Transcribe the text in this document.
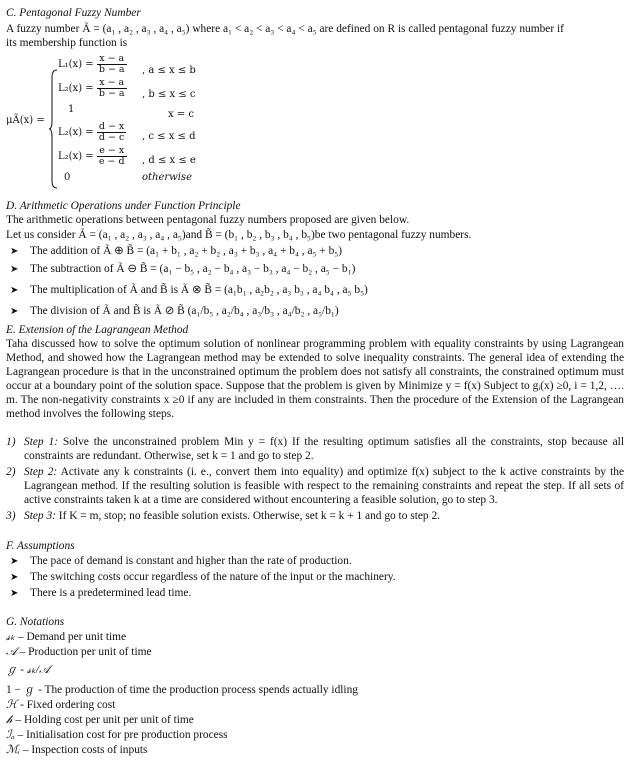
C. Pentagonal Fuzzy Number
A fuzzy number Ã = (a₁ , a₂ , a₃ , a₄ , a₅) where a₁ < a₂ < a₃ < a₄ < a₅ are defined on R is called pentagonal fuzzy number if
its membership function is
μÃ(x) =
$L_1(x) = \frac{x - a}{b - a}$ , a ≤ x ≤ b
$L_2(x) = \frac{x - a}{b - a}$ , b ≤ x ≤ c
1	x = c
$L_2(x) = \frac{d - x}{d - c}$ , c ≤ x ≤ d
$L_2(x) = \frac{e - x}{e - d}$ , d ≤ x ≤ e
0	otherwise
D. Arithmetic Operations under Function Principle
The arithmetic operations between pentagonal fuzzy numbers proposed are given below.
Let us consider Ã = (a₁ , a₂ , a₃ , a₄ , a₅)and B̃ = (b₁ , b₂ , b₃ , b₄ , b₅)be two pentagonal fuzzy numbers.
➤ The addition of Ã ⊕ B̃ = (a₁ + b₁ , a₂ + b₂ , a₃ + b₃ , a₄ + b₄ , a₅ + b₅)
➤ The subtraction of Ã ⊖ B̃ = (a₁ − b₅ , a₂ − b₄ , a₃ − b₃ , a₄ − b₂ , a₅ − b₁)
➤ The multiplication of Ã and B̃ is Ã ⊗ B̃ = (a₁b₁ , a₂b₂ , a₃ b₃ , a₄ b₄ , a₅ b₅)
➤ The division of Ã and B̃ is Ã ⊘ B̃ (a₁/b₅ , a₂/b₄ , a₃/b₃ , a₄/b₂ , a₅/b₁)
E. Extension of the Lagrangean Method
Taha discussed how to solve the optimum solution of nonlinear programming problem with equality constraints by using Lagrangean Method, and showed how the Lagrangean method may be extended to solve inequality constraints. The general idea of extending the Lagrangean procedure is that in the unconstrained optimum the problem does not satisfy all constraints, the constrained optimum must occur at a boundary point of the solution space. Suppose that the problem is given by Minimize y = f(x) Subject to gᵢ(x) ≥0, i = 1,2, …. m. The non-negativity constraints x ≥0 if any are included in them constraints. Then the procedure of the Extension of the Lagrangean method involves the following steps.
1) Step 1: Solve the unconstrained problem Min y = f(x) If the resulting optimum satisfies all the constraints, stop because all constraints are redundant. Otherwise, set k = 1 and go to step 2.
2) Step 2: Activate any k constraints (i. e., convert them into equality) and optimize f(x) subject to the k active constraints by the Lagrangean method. If the resulting solution is feasible with respect to the remaining constraints and repeat the step. If all sets of active constraints taken k at a time are considered without encountering a feasible solution, go to step 3.
3) Step 3: If K = m, stop; no feasible solution exists. Otherwise, set k = k + 1 and go to step 2.
F. Assumptions
➤ The pace of demand is constant and higher than the rate of production.
➤ The switching costs occur regardless of the nature of the input or the machinery.
➤ There is a predetermined lead time.
G. Notations
𝓈ₖ – Demand per unit time
𝒜 – Production per unit of time
ℊ - 𝓈ₖ/𝒜
1 − ℊ - The production of time the production process spends actually idling
ℋ - Fixed ordering cost
𝒽 – Holding cost per unit per unit of time
ℐₐ – Initialisation cost for pre production process
ℳᵢ – Inspection costs of inputs
